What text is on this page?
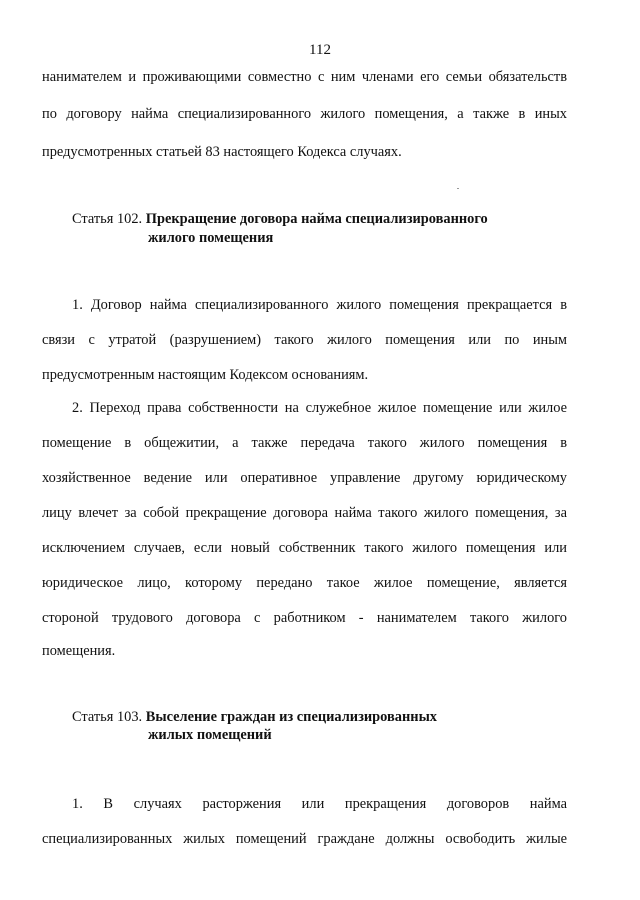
112
нанимателем и проживающими совместно с ним членами его семьи обязательств
по договору найма специализированного жилого помещения, а также в иных
предусмотренных статьей 83 настоящего Кодекса случаях.
Статья 102. Прекращение договора найма специализированного
жилого помещения
1. Договор найма специализированного жилого помещения прекращается в
связи с утратой (разрушением) такого жилого помещения или по иным
предусмотренным настоящим Кодексом основаниям.
2. Переход права собственности на служебное жилое помещение или жилое
помещение в общежитии, а также передача такого жилого помещения в
хозяйственное ведение или оперативное управление другому юридическому
лицу влечет за собой прекращение договора найма такого жилого помещения, за
исключением случаев, если новый собственник такого жилого помещения или
юридическое лицо, которому передано такое жилое помещение, является
стороной трудового договора с работником - нанимателем такого жилого
помещения.
Статья 103. Выселение граждан из специализированных
жилых помещений
1. В случаях расторжения или прекращения договоров найма
специализированных жилых помещений граждане должны освободить жилые
